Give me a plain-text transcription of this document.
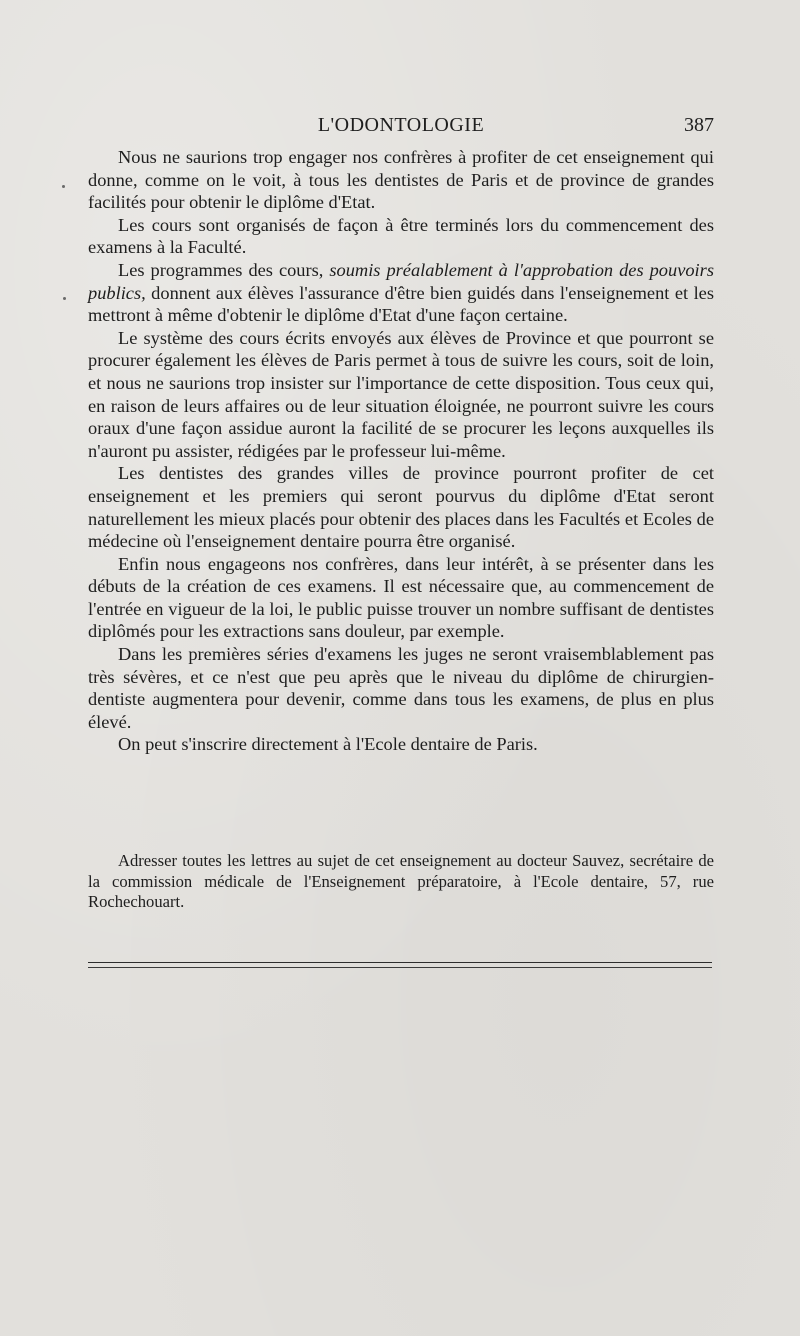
L'ODONTOLOGIE	387

Nous ne saurions trop engager nos confrères à profiter de cet enseignement qui donne, comme on le voit, à tous les dentistes de Paris et de province de grandes facilités pour obtenir le diplôme d'Etat.

Les cours sont organisés de façon à être terminés lors du commencement des examens à la Faculté.

Les programmes des cours, soumis préalablement à l'approbation des pouvoirs publics, donnent aux élèves l'assurance d'être bien guidés dans l'enseignement et les mettront à même d'obtenir le diplôme d'Etat d'une façon certaine.

Le système des cours écrits envoyés aux élèves de Province et que pourront se procurer également les élèves de Paris permet à tous de suivre les cours, soit de loin, et nous ne saurions trop insister sur l'importance de cette disposition. Tous ceux qui, en raison de leurs affaires ou de leur situation éloignée, ne pourront suivre les cours oraux d'une façon assidue auront la facilité de se procurer les leçons auxquelles ils n'auront pu assister, rédigées par le professeur lui-même.

Les dentistes des grandes villes de province pourront profiter de cet enseignement et les premiers qui seront pourvus du diplôme d'Etat seront naturellement les mieux placés pour obtenir des places dans les Facultés et Ecoles de médecine où l'enseignement dentaire pourra être organisé.

Enfin nous engageons nos confrères, dans leur intérêt, à se présenter dans les débuts de la création de ces examens. Il est nécessaire que, au commencement de l'entrée en vigueur de la loi, le public puisse trouver un nombre suffisant de dentistes diplômés pour les extractions sans douleur, par exemple.

Dans les premières séries d'examens les juges ne seront vraisemblablement pas très sévères, et ce n'est que peu après que le niveau du diplôme de chirurgien-dentiste augmentera pour devenir, comme dans tous les examens, de plus en plus élevé.

On peut s'inscrire directement à l'Ecole dentaire de Paris.

Adresser toutes les lettres au sujet de cet enseignement au docteur Sauvez, secrétaire de la commission médicale de l'Enseignement préparatoire, à l'Ecole dentaire, 57, rue Rochechouart.
